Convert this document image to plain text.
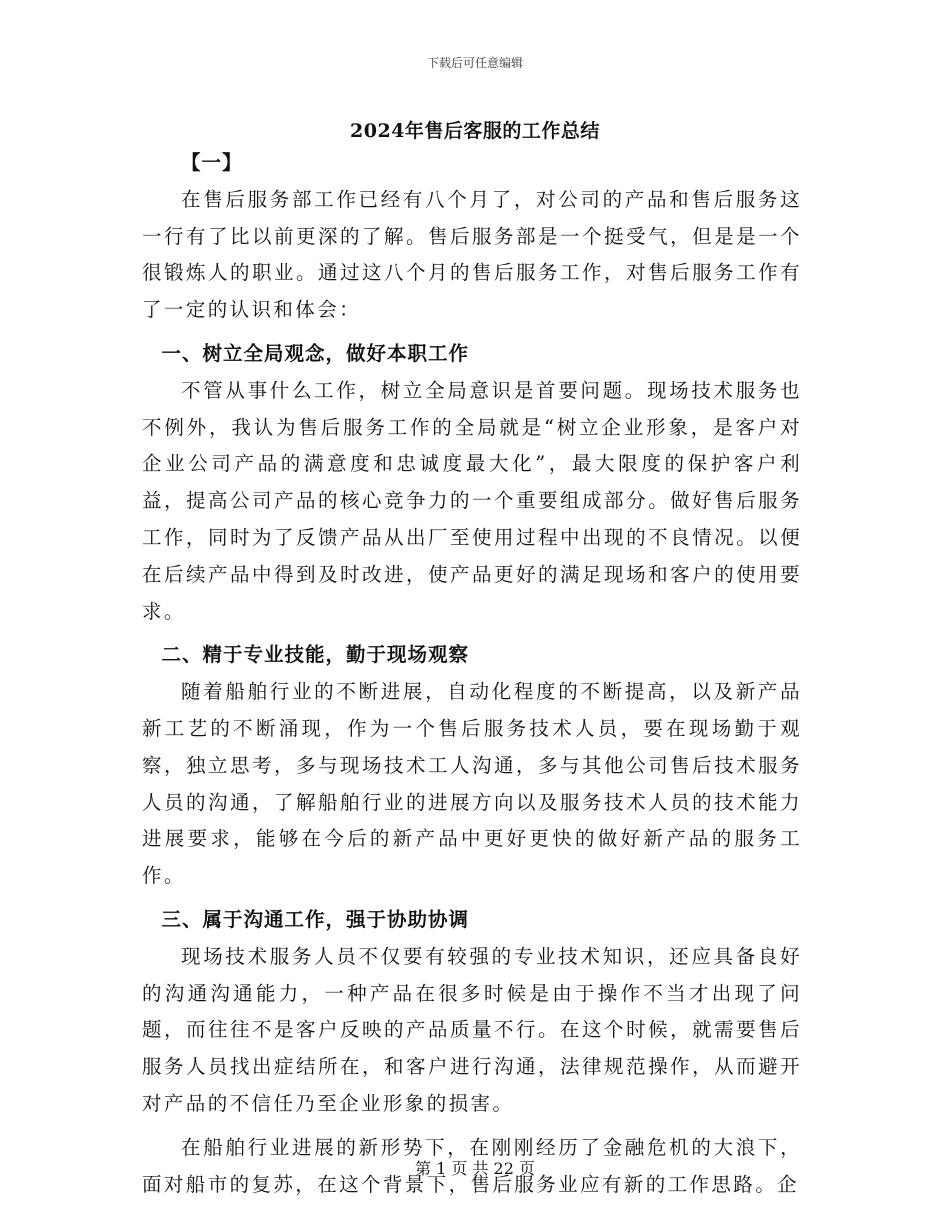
下载后可任意编辑
2024年售后客服的工作总结

【一】

在售后服务部工作已经有八个月了，对公司的产品和售后服务这一行有了比以前更深的了解。售后服务部是一个挺受气，但是是一个很锻炼人的职业。通过这八个月的售后服务工作，对售后服务工作有了一定的认识和体会：

一、树立全局观念，做好本职工作

不管从事什么工作，树立全局意识是首要问题。现场技术服务也不例外，我认为售后服务工作的全局就是“树立企业形象，是客户对企业公司产品的满意度和忠诚度最大化”，最大限度的保护客户利益，提高公司产品的核心竞争力的一个重要组成部分。做好售后服务工作，同时为了反馈产品从出厂至使用过程中出现的不良情况。以便在后续产品中得到及时改进，使产品更好的满足现场和客户的使用要求。

二、精于专业技能，勤于现场观察

随着船舶行业的不断进展，自动化程度的不断提高，以及新产品新工艺的不断涌现，作为一个售后服务技术人员，要在现场勤于观察，独立思考，多与现场技术工人沟通，多与其他公司售后技术服务人员的沟通，了解船舶行业的进展方向以及服务技术人员的技术能力进展要求，能够在今后的新产品中更好更快的做好新产品的服务工作。

三、属于沟通工作，强于协助协调

现场技术服务人员不仅要有较强的专业技术知识，还应具备良好的沟通沟通能力，一种产品在很多时候是由于操作不当才出现了问题，而往往不是客户反映的产品质量不行。在这个时候，就需要售后服务人员找出症结所在，和客户进行沟通，法律规范操作，从而避开对产品的不信任乃至企业形象的损害。

在船舶行业进展的新形势下，在刚刚经历了金融危机的大浪下，面对船市的复苏，在这个背景下，售后服务业应有新的工作思路。企

第 1 页 共 22 页
